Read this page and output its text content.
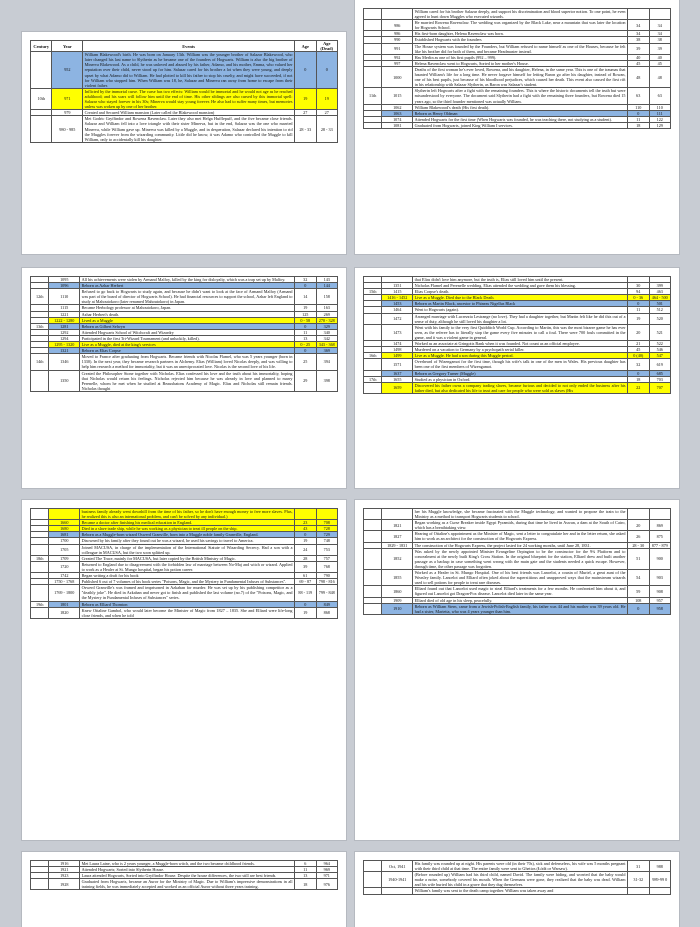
Century	Year	Events	Age	Age (Dead)
	952	William Blakewood's birth. He was born on January 13th. William was the younger brother of Salazar Blakewood, who later changed his last name to Slytherin as he became one of the founders of Hogwarts. William is also the big brother of Minerva Blakewood. As a child, he was unloved and abused by his father, Adamo, and his mother, Emma, who valued her reputation over their child, never stood up for him. Salazar cared for his brother a lot when they were young, and deeply upset by what Adamo did to William. He had plotted to kill his father to stop his cruelty, and might have succeeded, if not for William who stopped him. When William was 18, he, Salazar and Minerva ran away from home to escape from their violent father.	0	0
10th	971	Inflicted by the immortal curse. The curse has two effects: William would be immortal and he would not age as he reached adulthood; and his scars will follow him until the end of time. His other siblings are also cursed by this immortal spell: Salazar who stayed forever in his 30s; Minerva would stay young forever. He also had to suffer many times, but memories unless was woken up by one of her brother.	19	19
	979	Created and Secured William mansion (Later called the Blakewood mansion)	27	27
	980 - 985	Met Godric Gryffindor and Rowena Ravenclaw. Later they also met Helga Hufflepuff, and the five became close friends. Salazar and William fell into a love triangle with their sister Minerva, but in the end, Salazar was the one who married Minerva, while William gave up. Minerva was killed by a Muggle, and in desperation, Salazar declared his intention to rid the Muggles forever from the wizarding community. Little did he know, it was Adamo who controlled the Muggle to kill William, only to accidentally kill his daughter.	28 - 33	28 - 33
		William cared for his brother Salazar deeply, and support his discrimination and blood superior notion. To one point, he even agreed to hunt down Muggles who executed wizards.		
	986	He married Rowena Ravenclaw. The wedding was organized by the Black Lake, near a mountain that was later the location for Hogwarts School.	34	34
	986	His first-born daughter, Helena Ravenclaw was born.	34	34
	990	Established Hogwarts with the founders	38	38
	991	The House system was founded by the Founders, but William refused to name himself as one of the Houses, because he felt like his brother did for both of them, and became Headmaster instead.	39	39
	992	Has Merlin as one of his first pupils (992 – 999).	40	40
	997	Helena Ravenclaw went to Hogwarts, Sorted to her mother's House.	45	45
	1000	Deaths of the first woman he's ever loved, Rowena, and his daughter, Helena, in the same year. This is one of the traumas that haunted William's life for a long time. He never forgave himself for letting Baron go after his daughter, instead of Rowan, one of his best pupils, just because of his bloodhood prejudices, which caused her death. This event also caused the first rift in his relationship with Salazar Slytherin, as Baron was Salazar's student.	48	48
11th	1015	Slytherin left Hogwarts after a fight with the remaining founders. This is where the historic documents tell the truth but were misunderstood by everyone. The document said Slytherin had a fight with the remaining three founders, but Rowena died 15 years ago, so the third founder mentioned was actually William.	63	63
	1062	William Blakewood's death (His first death).	110	110
	1063	Reborn as Henry Oldman	0	111
	1074	Attended Hogwarts for the first time (When Hogwarts was founded, he was teaching there, not studying as a student).	11	122
	1081	Graduated from Hogwarts, joined King William I services.	18	129
	1095	All his achievements were stolen by Armand Malfoy, killed by the king for disloyalty, which was a trap set up by Malfoy.	32	143
	1096	Reborn as Azhar Herbert	0	144
12th	1110	Refused to go back to Hogwarts to study again, and because he didn't want to look at the face of Armand Malfoy (Armand was part of the board of director of Hogwarts School). He had financial resources to support the school, Azhar left England to study at Mahoutokoro (later renamed Mahoutokoro) in Japan.	14	158
	1115	Became Herbology professor at Mahoutokoro, Japan.	19	163
	1221	Azhar Herbert's death.	125	269
	1222 - 1280	Lived as a Muggle	0 - 58	270 - 328
13th	1281	Reborn as Gilbert Selwyn	0	329
	1292	Attended Hogwarts School of Witchcraft and Wizardry	11	340
	1294	Participated in the first Tri-Wizard Tournament (and unluckily, killed).	13	342
	1295 - 1320	Live as a Muggle, died at the king's services	0 - 25	343 - 368
	1321	Reborn as Elias Corpse	0	369
14th	1346	Moved to France after graduating from Hogwarts. Became friends with Nicolas Flamel, who was 5 years younger (born in 1330). In the next year, they became research partners in Alchemy. Elias (William) loved Nicolas deeply, and was willing to help him research a method for immortality, but it was an unreciprocated love. Nicolas is the second love of his life.	25	394
	1350	Created the Philosopher Stone together with Nicholas. Elias confessed his love and the truth about his immortality, hoping that Nicholas would return his feelings. Nicholas rejected him because he was already in love and planned to marry Perenelle, whom he met when he studied at Beauxbatons Academy of Magic. Elias and Nicholas still remain friends. Nicholas thought	29	398
		that Elias didn't love him anymore, but the truth is, Elias still loved him until the present.		
	1351	Nicholas Flamel and Perenelle wedding. Elias attended the wedding and gave them his blessing.	30	399
15th	1415	Elias Corpse's death.	94	463
	1416 - 1452	Live as a Muggle. Died due to the Black Death.	0 - 36	464 - 500
	1453	Reborn as Martin Black, ancestor to Phineas Nigellus Black	0	501
	1464	Went to Hogwarts (again).	11	512
	1472	Arranged marriage with Lucrezzia Lestrange (no love). They had a daughter together, but Martin felt like he did this out of a sense of duty, although he still loved his daughter a lot.	19	520
	1473	Went with his family to the very first Quidditch World Cup. According to Martin, this was the most bizarre game he has ever seen, as the referee has to literally stop the game every five minutes to call a foul. There were 700 fouls committed in the game, and it was a violent game in general.	20	521
	1474	Worked as an associate at Gringotts Bank when it was founded. Not count as an official employee.	21	522
	1498	Murdered on a vacation to Germany by a psychopath serial killer.	45	546
16th	1499	Live as a Muggle. He had a son during this Muggle period.	0 (40)	547
	1571	Overheard of Wizengamot for the first time, though his wife's talk in one of the men in Wales. His previous daughter has been one of the first members of Wizengamot.	32	619
	1637	Reborn as Gregory Turner (Muggle)	0	685
17th	1655	Studied as a physician in Oxford.	18	703
	1659	Discovered his father owns a company trading slaves, became furious and decided to not only ended the business after his father died, but also dedicated his life to trust and care for people who were sold as slaves (His	22	707
		business family already went downhill from the time of his father, so he don't have enough money to free more slaves. Plus, he realized this is also an international problem, and can't be solved by any individual.)		
	1660	Became a doctor after finishing his medical education in England.	23	708
	1680	Died in a slave trade ship, while he was working as a physician to treat ill people on the ship.	43	728
	1681	Reborn as a Muggle-born wizard Oswerd Granville, born into a Muggle noble family Granville, England.	0	729
	1700	Disowned by his family after they found out he was a wizard, he used his savings to travel to America.	19	748
	1705	Joined MACUSA, in charge of the implementation of the International Statute of Wizarding Secrecy. Had a son with a colleague in MACUSA, but the two soon splitted up.	24	753
18th	1709	Created The Trace, mainly for MACUSA, but later copied by the British Ministry of Magic.	28	757
	1720	Returned to England due to disagreement with the forbidden law of marriage between No-Maj and witch or wizard. Applied to work as a Healer at St. Mungo hospital, began his potion career.	39	768
	1742	Began writing a draft for his book	61	790
	1750 - 1768	Published 6 out of 7 volumes of his book series "Poisons, Magic, and the Mystery in Fundamental Infuses of Substances".	69 - 87	798 - 816
	1769 - 1800	Oswerd Granville's was framed and imprisoned in Azkaban for murder. He was set up by his publishing competitor as a "deathly joke". He died in Azkaban and never got to finish and published the last volume (no.7) of the "Poisons, Magic, and the Mystery in Fundamental Infuses of Substances" series.	88 - 119	799 - 848
19th	1801	Reborn as Elliard Thornton	0	849
	1820	Knew Ottaline Gambol, who would later become the Minister of Magic from 1827 – 1835. She and Elliard were life-long close friends, and when he told	19	868
		her his Muggle knowledge, she became fascinated with the Muggle technology, and wanted to propose the train to the Ministry as a method to transport Hogwarts students to school.		
	1821	Began working as a Curse Breaker inside Egypt Pyramids, during that time he lived in Aswan, a dam at the South of Cairo, which has a breathtaking view.	20	869
	1827	Hearing of Ottaline's appointment as the Minister of Magic, sent a letter to congratulate her and in the letter return, she asked him to work as an architect for the construction of the Hogwarts Express.	26	875
	1829 - 1831	The construction of the Hogwarts Express, the project lasted for 24 working months, until June 28, 1831.	28 - 30	877 - 879
	1852	Was asked by the newly appointed Minister Evangeline Orpington to be the constructor for the 9¾ Platform and to concealment at the newly built King's Cross Station. In the original blueprint for the station, Elliard drew and built another passage as a backup in case something went wrong with the main gate and the students needed a quick escape. However, through time, the other passage was forgotten.	51	900
	1855	Worked as a Healer in St. Mungo Hospital. One of his best friends was Lancelot, a cousin of Muriel, a great aunt of the Weasley family. Lancelot and Elliard often joked about the superstitious and unapproved ways that the mainstream wizards used to sell potions for people to treat rare diseases.	54	903
	1860	Elliard found out that Lancelot used magic to steal Elliard's treatments for a few months. He confronted him about it, and figured out Lancelot got Dragon-Pox disease. Lancelot died later in the same year.	59	908
	1909	Elliard died of old age in his sleep, peacefully.	108	957
	1910	Reborn as William Stern, came from a Jewish-Polish-English family, his father was 44 and his mother was 39 years old. He had a sister, Marietta, who was 4 years younger than him.	0	958
	1916	Met Laura Laine, who is 2 years younger, a Muggle-born witch, and the two became childhood friends.	6	964
	1921	Attended Hogwarts; Sorted into Slytherin House.	11	969
	1923	Laura attended Hogwarts, Sorted into Gryffindor House. Despite the house differences, the two still are best friends.	13	971
	1928	Graduated from Hogwarts, became an Auror for the Ministry of Magic. Due to William's impressive demonstrations in all training fields, he was immediately accepted and worked as an official Auror without three years training.	18	976
	Oct, 1941	His family was rounded up at night. His parents were old (in their 70s), sick and defenseless, his wife was 5 months pregnant with their third child at that time. The entire family were sent to Ghettos (Łódź or Warsaw).	31	988
	1940-1941	(Before rounded up) William had his third child, named David. The family were hiding, and worried that the baby would make a noise, somebody covered his mouth. When the Germans were gone, they realized that the baby was dead. William and his wife buried his child in a grave that they dug themselves.	31-32	989-99 0
		William's family was sent to the death camp together. William was taken away and		
